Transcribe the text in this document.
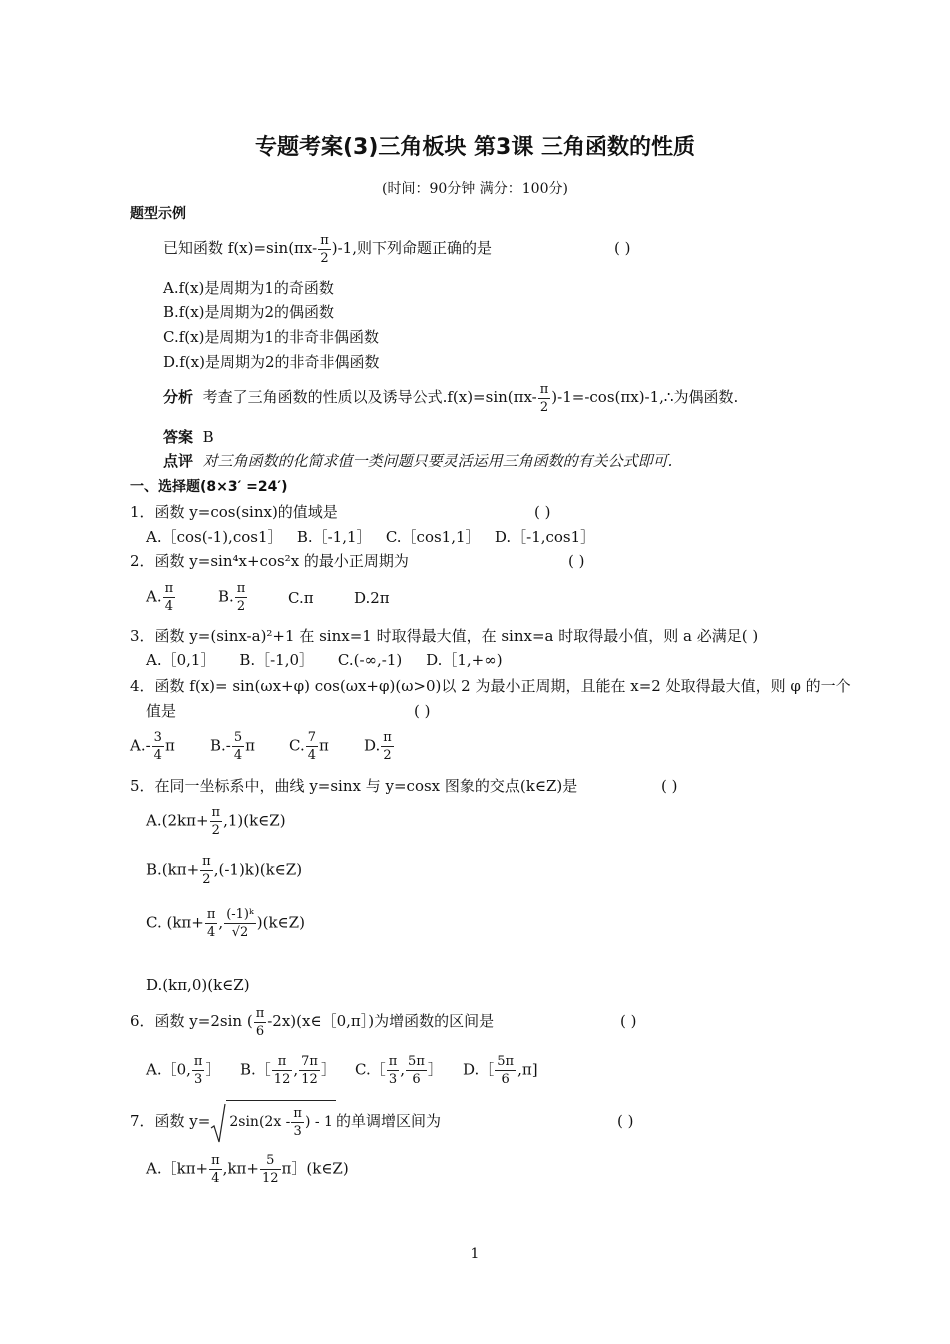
专题考案(3)三角板块 第3课 三角函数的性质
(时间：90分钟 满分：100分)
题型示例
已知函数 $f(x)=\sin(\pi x- \frac{\pi}{2} )-1$,则下列命题正确的是	( )
A.f(x)是周期为1的奇函数
B.f(x)是周期为2的偶函数
C.f(x)是周期为1的非奇非偶函数
D.f(x)是周期为2的非奇非偶函数
分析 考查了三角函数的性质以及诱导公式$.f(x)=\sin(\pi x- \frac{\pi}{2}$ )-1=-cos(πx)-1,∴为偶函数.
答案 B
点评 对三角函数的化简求值一类问题只要灵活运用三角函数的有关公式即可.
一、选择题(8×3′ =24′)
1．函数 y=cos(sinx)的值域是	( )
A.［cos(-1),cos1］ B.［-1,1］ C.［cos1,1］ D.［-1,cos1］
2．函数 y=sin⁴x+cos²x 的最小正周期为	( )
A. $\frac{\pi}{4}$	B. $\frac{\pi}{2}$	C.π	D.2π
3．函数 y=(sinx-a)²+1 在 sinx=1 时取得最大值，在 sinx=a 时取得最小值，则 a 必满足( )
A.［0,1］ B.［-1,0］ C.(-∞,-1) D.［1,+∞)
4．函数 f(x)= sin(ωx+φ) cos(ωx+φ)(ω>0)以 2 为最小正周期，且能在 x=2 处取得最大值，则 φ 的一个
值是	( )
$A.- \frac{3}{4}$ π $B.- \frac{5}{4}$ π C. $\frac{7}{4}$ π D. $\frac{\pi}{2}$
5．在同一坐标系中，曲线 y=sinx 与 y=cosx 图象的交点(k∈Z)是	( )
$A.(2k\pi+ \frac{\pi}{2}$ ,1)(k∈Z)
$B.(k\pi+ \frac{\pi}{2}$ ,(-1)k)(k∈Z)
C. ($k\pi+ \frac{\pi}{4}$ , $\frac{\text{(-1)ᵏ}}{√2}$ )(k∈Z)
D.(kπ,0)(k∈Z)
6．函数 y=2sin ( $\frac{\pi}{6}$ -2x)(x∈［0,π］)为增函数的区间是	( )
A.［0, $\frac{\pi}{3}$ ］ B.［ $\frac{\pi}{12}$ , $\frac{7\pi}{12}$ ］ C.［ $\frac{\pi}{3}$ , $\frac{5\pi}{6}$ ］ D.［ $\frac{5\pi}{6} ,\pi$]
7．函数 $y= 2\sin(2x - \frac{\pi}{3}$ ) - 1 的单调增区间为	( )
A.［kπ+ $\frac{\pi}{4} ,k\pi+ \frac{5}{12}$ π］(k∈Z)
1
